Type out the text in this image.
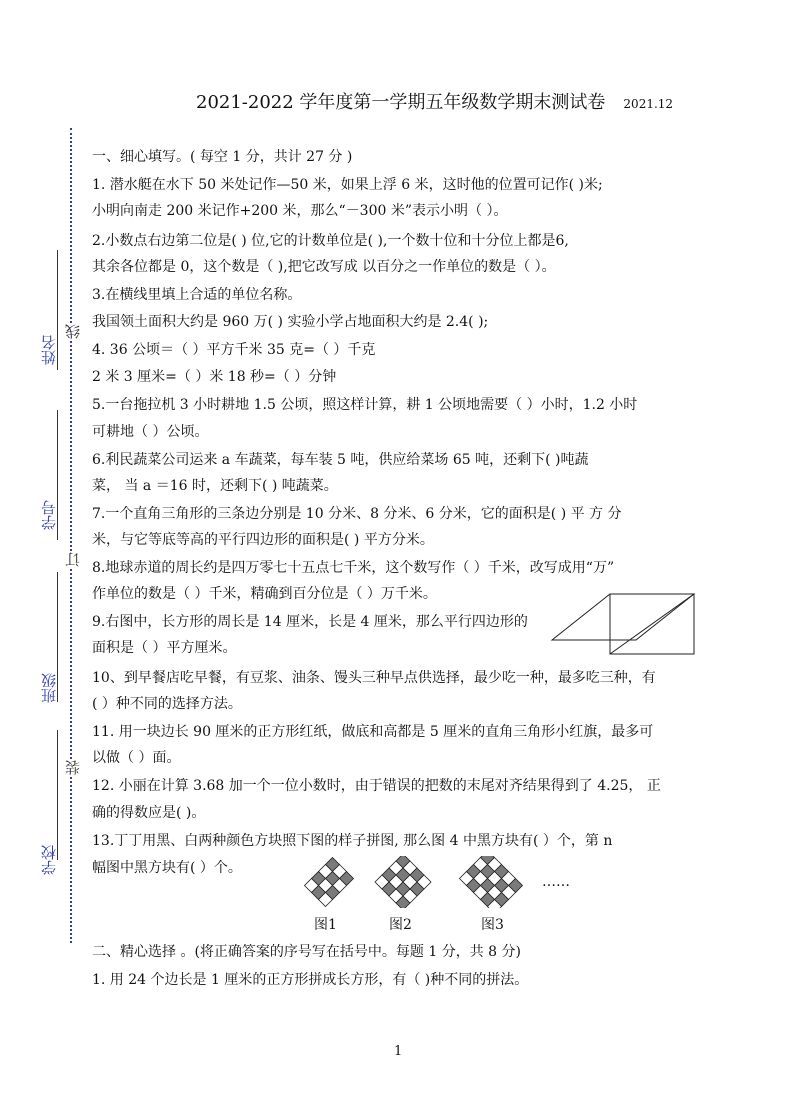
2021-2022 学年度第一学期五年级数学期末测试卷 2021.12
姓名
学号
班级
学校
线
订
装
一、细心填写。( 每空 1 分，共计 27 分 )
1. 潜水艇在水下 50 米处记作—50 米，如果上浮 6 米，这时他的位置可记作( )米;
小明向南走 200 米记作+200 米，那么“－300 米”表示小明（ ）。
2.小数点右边第二位是( ) 位,它的计数单位是( ),一个数十位和十分位上都是6,
其余各位都是 0，这个数是（ ),把它改写成 以百分之一作单位的数是（ ）。
3.在横线里填上合适的单位名称。
我国领土面积大约是 960 万( ) 实验小学占地面积大约是 2.4( );
4. 36 公顷＝（ ）平方千米 35 克=（ ）千克
2 米 3 厘米=（ ）米 18 秒=（ ）分钟
5.一台拖拉机 3 小时耕地 1.5 公顷，照这样计算，耕 1 公顷地需要（ ）小时，1.2 小时
可耕地（ ）公顷。
6.利民蔬菜公司运来 a 车蔬菜，每车装 5 吨，供应给菜场 65 吨，还剩下( )吨蔬
菜， 当 a ＝16 时，还剩下( ) 吨蔬菜。
7.一个直角三角形的三条边分别是 10 分米、8 分米、6 分米，它的面积是( ) 平 方 分
米，与它等底等高的平行四边形的面积是( ) 平方分米。
8.地球赤道的周长约是四万零七十五点七千米，这个数写作（ ）千米，改写成用“万”
作单位的数是（ ）千米，精确到百分位是（ ）万千米。
9.右图中，长方形的周长是 14 厘米，长是 4 厘米，那么平行四边形的
面积是（ ）平方厘米。
10、到早餐店吃早餐，有豆浆、油条、馒头三种早点供选择，最少吃一种，最多吃三种，有
( ）种不同的选择方法。
11. 用一块边长 90 厘米的正方形红纸，做底和高都是 5 厘米的直角三角形小红旗，最多可
以做（ ）面。
12. 小丽在计算 3.68 加一个一位小数时，由于错误的把数的末尾对齐结果得到了 4.25， 正
确的得数应是( )。
13.丁丁用黑、白两种颜色方块照下图的样子拼图, 那么图 4 中黑方块有( ）个，第 n
幅图中黑方块有( ）个。
二、精心选择 。(将正确答案的序号写在括号中。每题 1 分，共 8 分)
1. 用 24 个边长是 1 厘米的正方形拼成长方形，有（ )种不同的拼法。
……
图1	图2	图3
1
